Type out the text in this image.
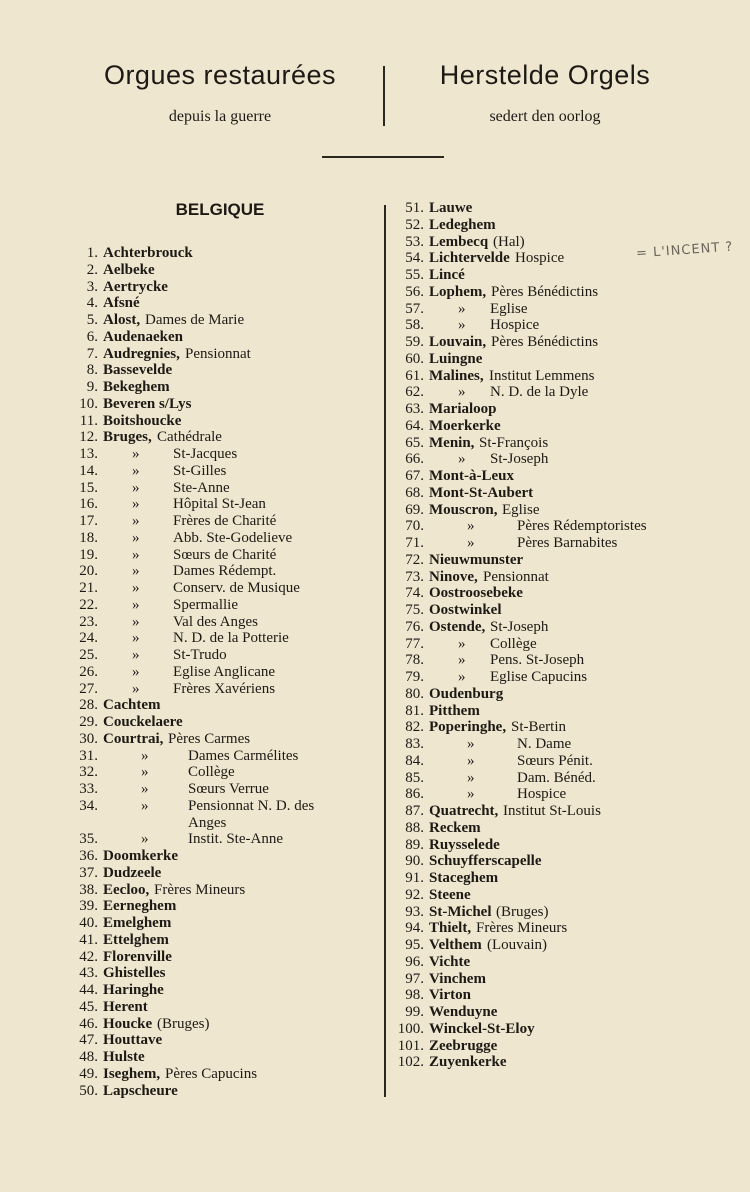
Orgues restaurées
depuis la guerre
Herstelde Orgels
sedert den oorlog
BELGIQUE
= L'INCENT ?
1. Achterbrouck
2. Aelbeke
3. Aertrycke
4. Afsné
5. Alost, Dames de Marie
6. Audenaeken
7. Audregnies, Pensionnat
8. Bassevelde
9. Bekeghem
10. Beveren s/Lys
11. Boitshoucke
12. Bruges, Cathédrale
13. » St-Jacques
14. » St-Gilles
15. » Ste-Anne
16. » Hôpital St-Jean
17. » Frères de Charité
18. » Abb. Ste-Godelieve
19. » Sœurs de Charité
20. » Dames Rédempt.
21. » Conserv. de Musique
22. » Spermallie
23. » Val des Anges
24. » N. D. de la Potterie
25. » St-Trudo
26. » Eglise Anglicane
27. » Frères Xavériens
28. Cachtem
29. Couckelaere
30. Courtrai, Pères Carmes
31.	»	Dames Carmélites
32.	»	Collège
33.	»	Sœurs Verrue
34.	»	Pensionnat N. D. des
Anges
35.	»	Instit. Ste-Anne
36. Doomkerke
37. Dudzeele
38. Eecloo, Frères Mineurs
39. Eerneghem
40. Emelghem
41. Ettelghem
42. Florenville
43. Ghistelles
44. Haringhe
45. Herent
46. Houcke (Bruges)
47. Houttave
48. Hulste
49. Iseghem, Pères Capucins
50. Lapscheure
51. Lauwe
52. Ledeghem
53. Lembecq (Hal)
54. Lichtervelde Hospice
55. Lincé
56. Lophem, Pères Bénédictins
57. » Eglise
58. » Hospice
59. Louvain, Pères Bénédictins
60. Luingne
61. Malines, Institut Lemmens
62. » N. D. de la Dyle
63. Marialoop
64. Moerkerke
65. Menin, St-François
66. » St-Joseph
67. Mont-à-Leux
68. Mont-St-Aubert
69. Mouscron, Eglise
70.	»	Pères Rédemptoristes
71.	»	Pères Barnabites
72. Nieuwmunster
73. Ninove, Pensionnat
74. Oostroosebeke
75. Oostwinkel
76. Ostende, St-Joseph
77. » Collège
78. » Pens. St-Joseph
79. » Eglise Capucins
80. Oudenburg
81. Pitthem
82. Poperinghe, St-Bertin
83.	»	N. Dame
84.	»	Sœurs Pénit.
85.	»	Dam. Bénéd.
86.	»	Hospice
87. Quatrecht, Institut St-Louis
88. Reckem
89. Ruysselede
90. Schuyfferscapelle
91. Staceghem
92. Steene
93. St-Michel (Bruges)
94. Thielt, Frères Mineurs
95. Velthem (Louvain)
96. Vichte
97. Vinchem
98. Virton
99. Wenduyne
100. Winckel-St-Eloy
101. Zeebrugge
102. Zuyenkerke
